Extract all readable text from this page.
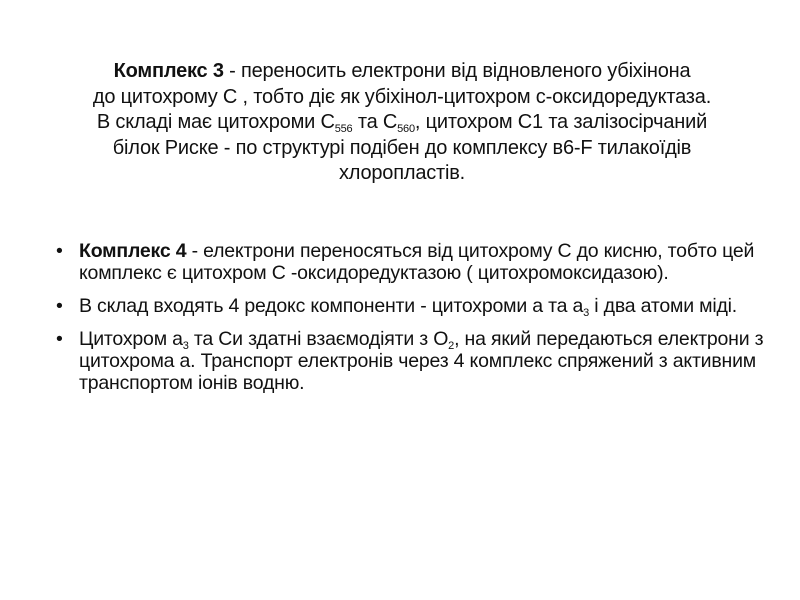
Комплекс 3 - переносить електрони від відновленого убіхінона
до цитохрому С , тобто діє як убіхінол-цитохром с-оксидоредуктаза.
В складі має цитохроми $С_{556}$ та $С_{560}$, цитохром С1 та залізосірчаний
білок Риске - по структурі подібен до комплексу в6-F тилакоїдів
хлоропластів.

• Комплекс 4 - електрони переносяться від цитохрому С до кисню, тобто цей комплекс є цитохром С -оксидоредуктазою ( цитохромоксидазою).
• В склад входять 4 редокс компоненти - цитохроми а та $а_3$ і два атоми міді.
• Цитохром $а_3$ та Си здатні взаємодіяти з $О_2$, на який передаються електрони з цитохрома а. Транспорт електронів через 4 комплекс спряжений з активним транспортом іонів водню.
